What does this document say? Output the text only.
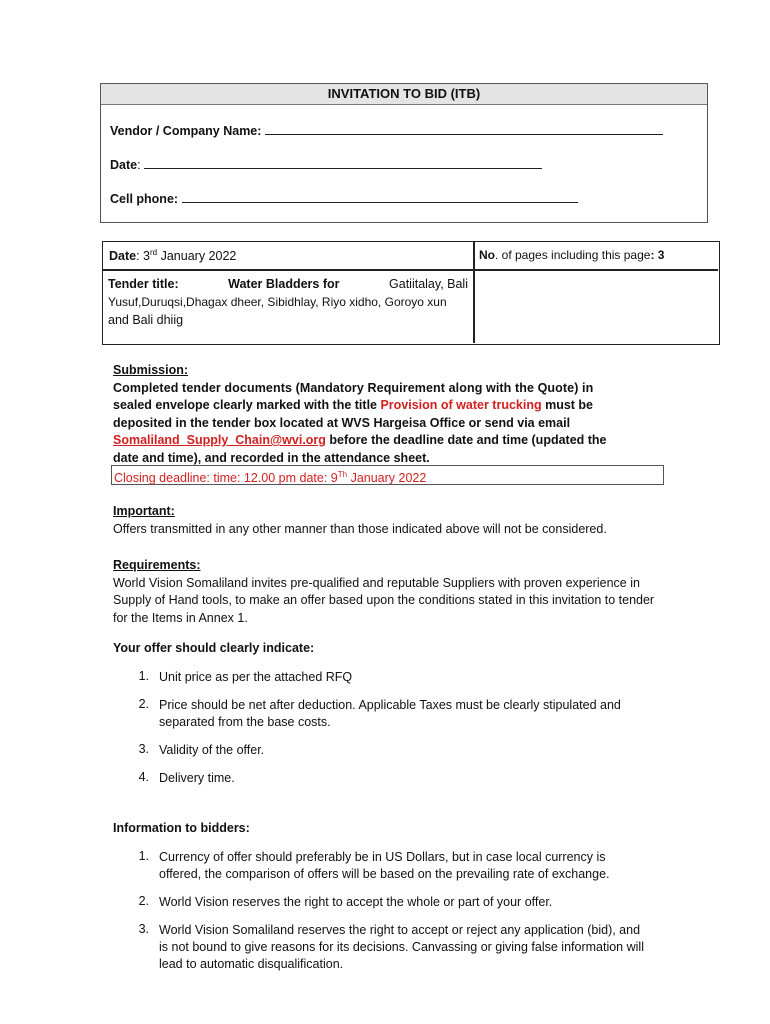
INVITATION TO BID (ITB)
Vendor / Company Name:
Date:
Cell phone:
Date: 3rd January 2022	No. of pages including this page: 3
Tender title:	Water Bladders for	Gatiitalay, Bali
Yusuf,Duruqsi,Dhagax dheer, Sibidhlay, Riyo xidho, Goroyo xun
and Bali dhiig
Submission:
Completed tender documents (Mandatory Requirement along with the Quote) in
sealed envelope clearly marked with the title Provision of water trucking must be
deposited in the tender box located at WVS Hargeisa Office or send via email
Somaliland_Supply_Chain@wvi.org before the deadline date and time (updated the
date and time), and recorded in the attendance sheet.
Closing deadline: time: 12.00 pm date: 9Th January 2022
Important:
Offers transmitted in any other manner than those indicated above will not be considered.
Requirements:
World Vision Somaliland invites pre-qualified and reputable Suppliers with proven experience in
Supply of Hand tools, to make an offer based upon the conditions stated in this invitation to tender
for the Items in Annex 1.
Your offer should clearly indicate:
1. Unit price as per the attached RFQ
2. Price should be net after deduction. Applicable Taxes must be clearly stipulated and
separated from the base costs.
3. Validity of the offer.
4. Delivery time.
Information to bidders:
1. Currency of offer should preferably be in US Dollars, but in case local currency is
offered, the comparison of offers will be based on the prevailing rate of exchange.
2. World Vision reserves the right to accept the whole or part of your offer.
3. World Vision Somaliland reserves the right to accept or reject any application (bid), and
is not bound to give reasons for its decisions. Canvassing or giving false information will
lead to automatic disqualification.
